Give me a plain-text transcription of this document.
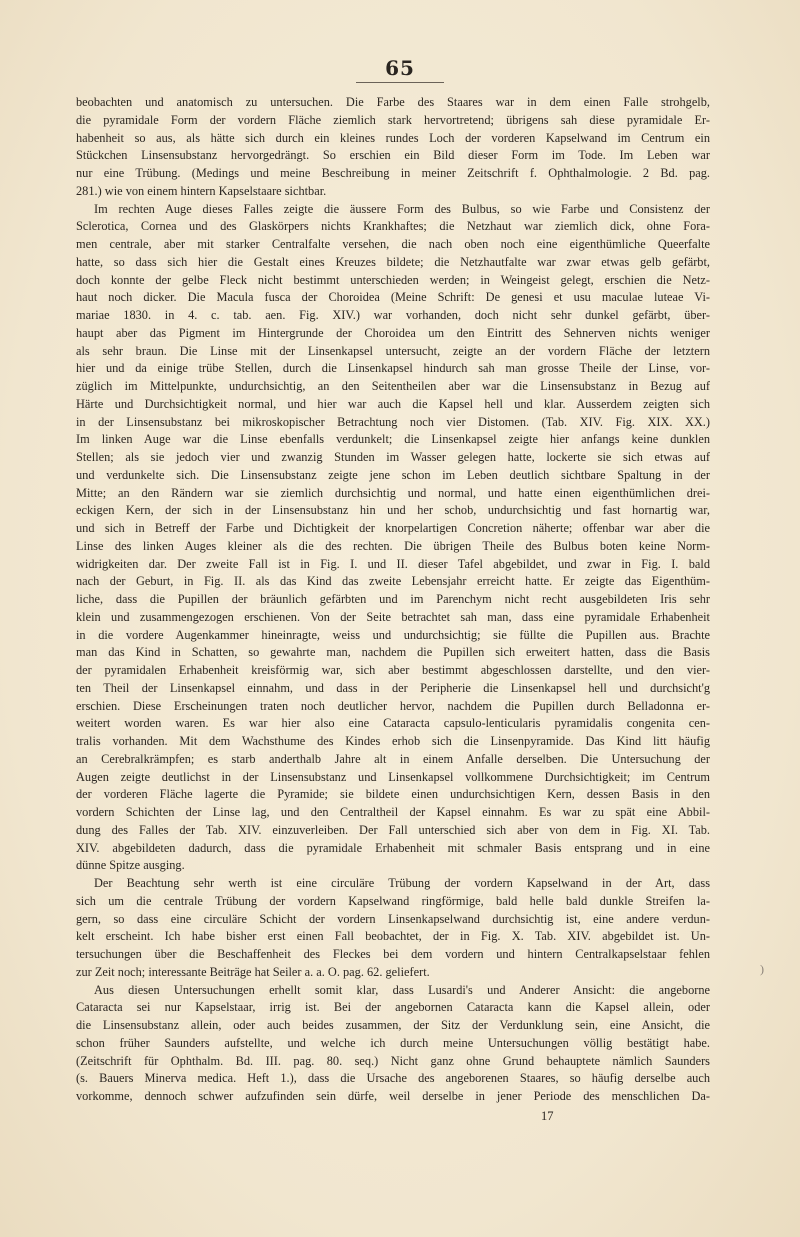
65
beobachten und anatomisch zu untersuchen. Die Farbe des Staares war in dem einen Falle strohgelb,
die pyramidale Form der vordern Fläche ziemlich stark hervortretend; übrigens sah diese pyramidale Er-
habenheit so aus, als hätte sich durch ein kleines rundes Loch der vorderen Kapselwand im Centrum ein
Stückchen Linsensubstanz hervorgedrängt. So erschien ein Bild dieser Form im Tode. Im Leben war
nur eine Trübung. (Medings und meine Beschreibung in meiner Zeitschrift f. Ophthalmologie. 2 Bd. pag.
281.) wie von einem hintern Kapselstaare sichtbar.
Im rechten Auge dieses Falles zeigte die äussere Form des Bulbus, so wie Farbe und Consistenz der
Sclerotica, Cornea und des Glaskörpers nichts Krankhaftes; die Netzhaut war ziemlich dick, ohne Fora-
men centrale, aber mit starker Centralfalte versehen, die nach oben noch eine eigenthümliche Queerfalte
hatte, so dass sich hier die Gestalt eines Kreuzes bildete; die Netzhautfalte war zwar etwas gelb gefärbt,
doch konnte der gelbe Fleck nicht bestimmt unterschieden werden; in Weingeist gelegt, erschien die Netz-
haut noch dicker. Die Macula fusca der Choroidea (Meine Schrift: De genesi et usu maculae luteae Vi-
mariae 1830. in 4. c. tab. aen. Fig. XIV.) war vorhanden, doch nicht sehr dunkel gefärbt, über-
haupt aber das Pigment im Hintergrunde der Choroidea um den Eintritt des Sehnerven nichts weniger
als sehr braun. Die Linse mit der Linsenkapsel untersucht, zeigte an der vordern Fläche der letztern
hier und da einige trübe Stellen, durch die Linsenkapsel hindurch sah man grosse Theile der Linse, vor-
züglich im Mittelpunkte, undurchsichtig, an den Seitentheilen aber war die Linsensubstanz in Bezug auf
Härte und Durchsichtigkeit normal, und hier war auch die Kapsel hell und klar. Ausserdem zeigten sich
in der Linsensubstanz bei mikroskopischer Betrachtung noch vier Distomen. (Tab. XIV. Fig. XIX. XX.)
Im linken Auge war die Linse ebenfalls verdunkelt; die Linsenkapsel zeigte hier anfangs keine dunklen
Stellen; als sie jedoch vier und zwanzig Stunden im Wasser gelegen hatte, lockerte sie sich etwas auf
und verdunkelte sich. Die Linsensubstanz zeigte jene schon im Leben deutlich sichtbare Spaltung in der
Mitte; an den Rändern war sie ziemlich durchsichtig und normal, und hatte einen eigenthümlichen drei-
eckigen Kern, der sich in der Linsensubstanz hin und her schob, undurchsichtig und fast hornartig war,
und sich in Betreff der Farbe und Dichtigkeit der knorpelartigen Concretion näherte; offenbar war aber die
Linse des linken Auges kleiner als die des rechten. Die übrigen Theile des Bulbus boten keine Norm-
widrigkeiten dar. Der zweite Fall ist in Fig. I. und II. dieser Tafel abgebildet, und zwar in Fig. I. bald
nach der Geburt, in Fig. II. als das Kind das zweite Lebensjahr erreicht hatte. Er zeigte das Eigenthüm-
liche, dass die Pupillen der bräunlich gefärbten und im Parenchym nicht recht ausgebildeten Iris sehr
klein und zusammengezogen erschienen. Von der Seite betrachtet sah man, dass eine pyramidale Erhabenheit
in die vordere Augenkammer hineinragte, weiss und undurchsichtig; sie füllte die Pupillen aus. Brachte
man das Kind in Schatten, so gewahrte man, nachdem die Pupillen sich erweitert hatten, dass die Basis
der pyramidalen Erhabenheit kreisförmig war, sich aber bestimmt abgeschlossen darstellte, und den vier-
ten Theil der Linsenkapsel einnahm, und dass in der Peripherie die Linsenkapsel hell und durchsicht'g
erschien. Diese Erscheinungen traten noch deutlicher hervor, nachdem die Pupillen durch Belladonna er-
weitert worden waren. Es war hier also eine Cataracta capsulo-lenticularis pyramidalis congenita cen-
tralis vorhanden. Mit dem Wachsthume des Kindes erhob sich die Linsenpyramide. Das Kind litt häufig
an Cerebralkrämpfen; es starb anderthalb Jahre alt in einem Anfalle derselben. Die Untersuchung der
Augen zeigte deutlichst in der Linsensubstanz und Linsenkapsel vollkommene Durchsichtigkeit; im Centrum
der vorderen Fläche lagerte die Pyramide; sie bildete einen undurchsichtigen Kern, dessen Basis in den
vordern Schichten der Linse lag, und den Centraltheil der Kapsel einnahm. Es war zu spät eine Abbil-
dung des Falles der Tab. XIV. einzuverleiben. Der Fall unterschied sich aber von dem in Fig. XI. Tab.
XIV. abgebildeten dadurch, dass die pyramidale Erhabenheit mit schmaler Basis entsprang und in eine
dünne Spitze ausging.
Der Beachtung sehr werth ist eine circuläre Trübung der vordern Kapselwand in der Art, dass
sich um die centrale Trübung der vordern Kapselwand ringförmige, bald helle bald dunkle Streifen la-
gern, so dass eine circuläre Schicht der vordern Linsenkapselwand durchsichtig ist, eine andere verdun-
kelt erscheint. Ich habe bisher erst einen Fall beobachtet, der in Fig. X. Tab. XIV. abgebildet ist. Un-
tersuchungen über die Beschaffenheit des Fleckes bei dem vordern und hintern Centralkapselstaar fehlen
zur Zeit noch; interessante Beiträge hat Seiler a. a. O. pag. 62. geliefert.
Aus diesen Untersuchungen erhellt somit klar, dass Lusardi's und Anderer Ansicht: die angeborne
Cataracta sei nur Kapselstaar, irrig ist. Bei der angebornen Cataracta kann die Kapsel allein, oder
die Linsensubstanz allein, oder auch beides zusammen, der Sitz der Verdunklung sein, eine Ansicht, die
schon früher Saunders aufstellte, und welche ich durch meine Untersuchungen völlig bestätigt habe.
(Zeitschrift für Ophthalm. Bd. III. pag. 80. seq.) Nicht ganz ohne Grund behauptete nämlich Saunders
(s. Bauers Minerva medica. Heft 1.), dass die Ursache des angeborenen Staares, so häufig derselbe auch
vorkomme, dennoch schwer aufzufinden sein dürfe, weil derselbe in jener Periode des menschlichen Da-
17
)
